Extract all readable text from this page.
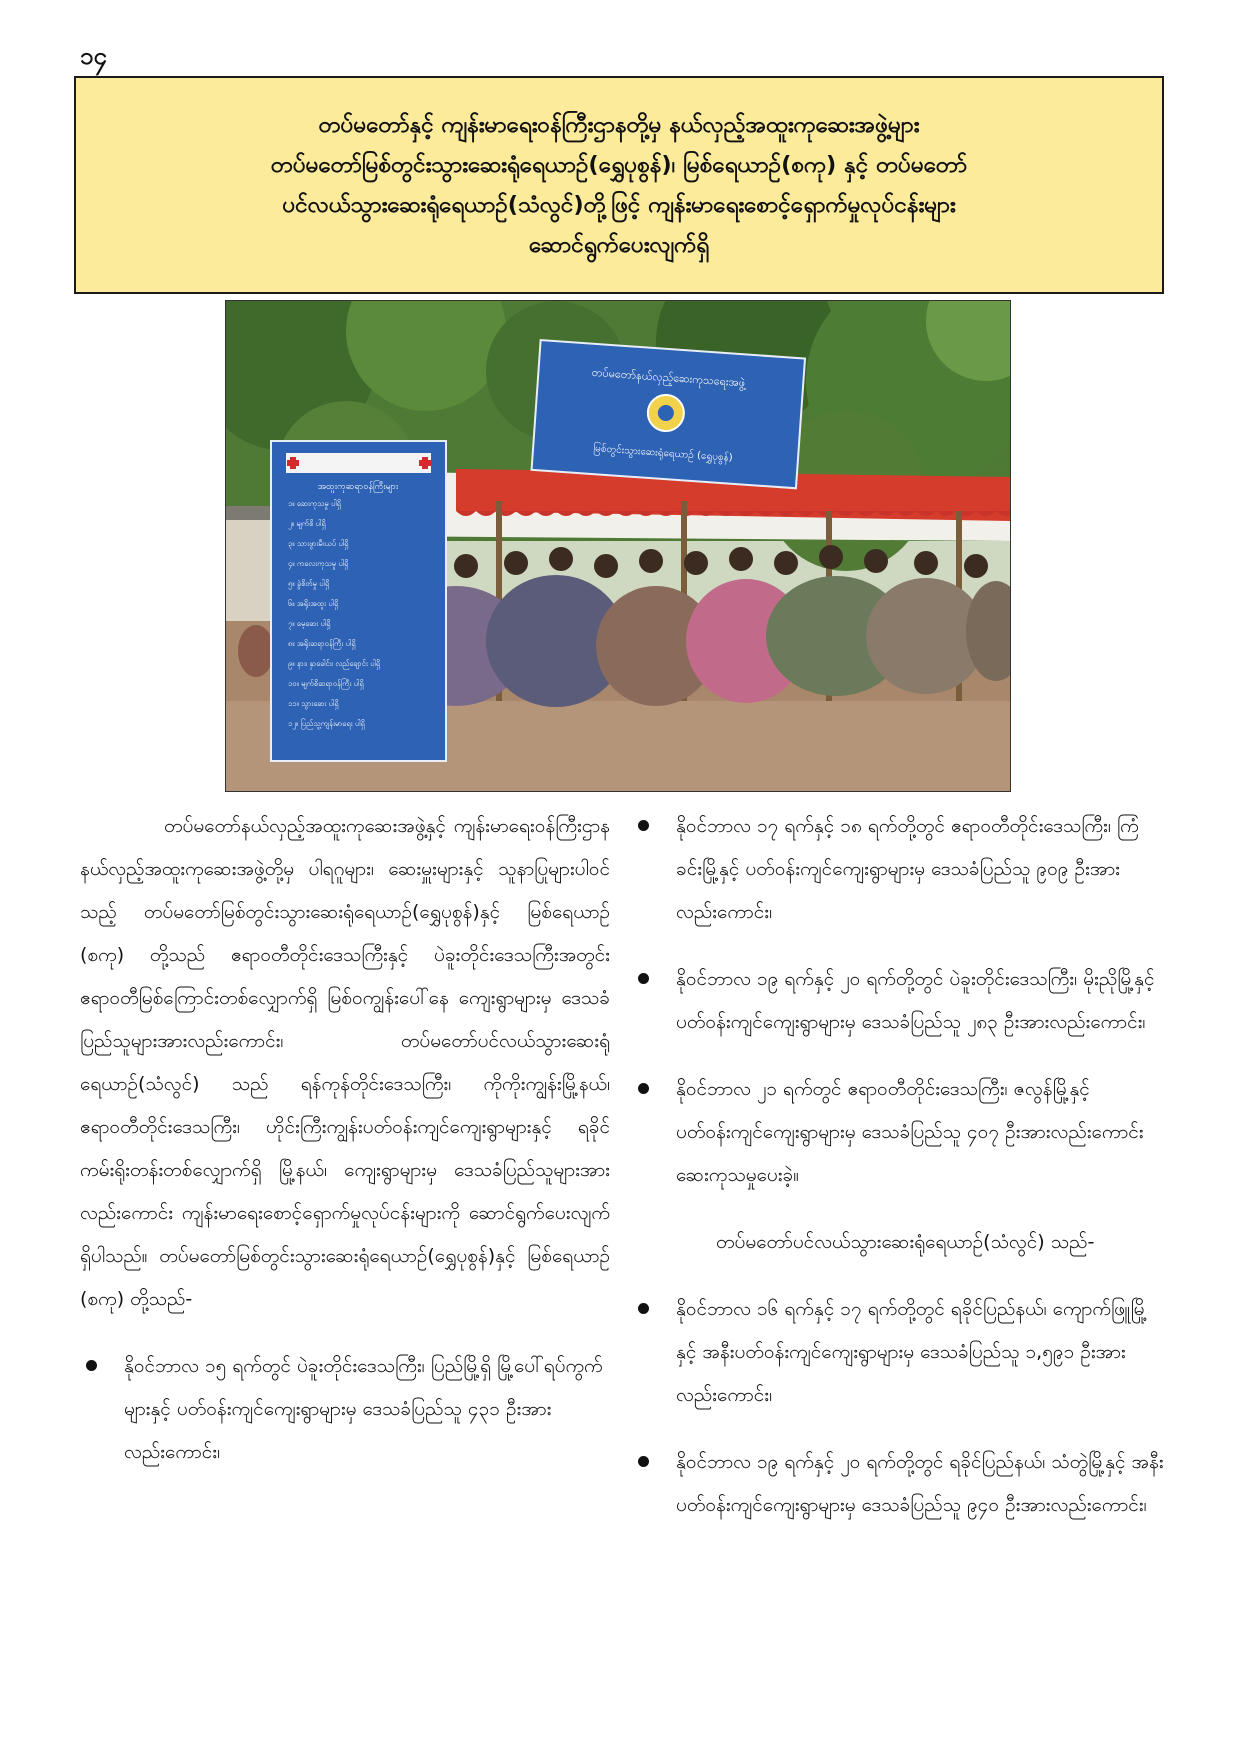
၁၄
တပ်မတော်နှင့် ကျန်းမာရေးဝန်ကြီးဌာနတို့မှ နယ်လှည့်အထူးကုဆေးအဖွဲ့များ
တပ်မတော်မြစ်တွင်းသွားဆေးရုံရေယာဉ်(ရွှေပုစွန်)၊ မြစ်ရေယာဉ်(စကု) နှင့် တပ်မတော်
ပင်လယ်သွားဆေးရုံရေယာဉ်(သံလွင်)တို့ဖြင့် ကျန်းမာရေးစောင့်ရှောက်မှုလုပ်ငန်းများ
ဆောင်ရွက်ပေးလျက်ရှိ
အထူးကုဆရာဝန်ကြီးများ
၁။ ဆေးကုသမှု ပါရှိ
၂။ မျက်စိ ပါရှိ
၃။ သားဖွားမီးယပ် ပါရှိ
၄။ ကလေးကုသမှု ပါရှိ
၅။ ခွဲစိတ်မှု ပါရှိ
၆။ အရိုးအထူး ပါရှိ
၇။ မေ့ဆေး ပါရှိ
၈။ အရိုးဆရာဝန်ကြီး ပါရှိ
၉။ နား၊ နှာခေါင်း၊ လည်ချောင်း ပါရှိ
၁၀။ မျက်စိဆရာဝန်ကြီး ပါရှိ
၁၁။ သွားဆေး ပါရှိ
၁၂။ ပြည်သူ့ကျန်းမာရေး ပါရှိ
တပ်မတော်နယ်လှည့်ဆေးကုသရေးအဖွဲ့
မြစ်တွင်းသွားဆေးရုံရေယာဉ် (ရွှေပုစွန်)

တပ်မတော်နယ်လှည့်အထူးကုဆေးအဖွဲ့နှင့် ကျန်းမာရေးဝန်ကြီးဌာန နယ်လှည့်အထူးကုဆေးအဖွဲ့တို့မှ ပါရဂူများ၊ ဆေးမှူးများနှင့် သူနာပြုများပါဝင်သည့် တပ်မတော်မြစ်တွင်းသွားဆေးရုံရေယာဉ်(ရွှေပုစွန်)နှင့် မြစ်ရေယာဉ် (စကု) တို့သည် ဧရာဝတီတိုင်းဒေသကြီးနှင့် ပဲခူးတိုင်းဒေသကြီးအတွင်း ဧရာဝတီမြစ်ကြောင်းတစ်လျှောက်ရှိ မြစ်ဝကျွန်းပေါ်နေ ကျေးရွာများမှ ဒေသခံပြည်သူများအားလည်းကောင်း၊ တပ်မတော်ပင်လယ်သွားဆေးရုံရေယာဉ်(သံလွင်) သည် ရန်ကုန်တိုင်းဒေသကြီး၊ ကိုကိုးကျွန်းမြို့နယ်၊ ဧရာဝတီတိုင်းဒေသကြီး၊ ဟိုင်းကြီးကျွန်းပတ်ဝန်းကျင်ကျေးရွာများနှင့် ရခိုင်ကမ်းရိုးတန်းတစ်လျှောက်ရှိ မြို့နယ်၊ ကျေးရွာများမှ ဒေသခံပြည်သူများအားလည်းကောင်း ကျန်းမာရေးစောင့်ရှောက်မှုလုပ်ငန်းများကို ဆောင်ရွက်ပေးလျက်ရှိပါသည်။ တပ်မတော်မြစ်တွင်းသွားဆေးရုံရေယာဉ်(ရွှေပုစွန်)နှင့် မြစ်ရေယာဉ် (စကု) တို့သည်-

နိုဝင်ဘာလ ၁၅ ရက်တွင် ပဲခူးတိုင်းဒေသကြီး၊ ပြည်မြို့ရှိ မြို့ပေါ်ရပ်ကွက်များနှင့် ပတ်ဝန်းကျင်ကျေးရွာများမှ ဒေသခံပြည်သူ ၄၃၁ ဦးအားလည်းကောင်း၊
နိုဝင်ဘာလ ၁၇ ရက်နှင့် ၁၈ ရက်တို့တွင် ဧရာဝတီတိုင်းဒေသကြီး၊ ကြံခင်းမြို့နှင့် ပတ်ဝန်းကျင်ကျေးရွာများမှ ဒေသခံပြည်သူ ၉၀၉ ဦးအားလည်းကောင်း၊
နိုဝင်ဘာလ ၁၉ ရက်နှင့် ၂၀ ရက်တို့တွင် ပဲခူးတိုင်းဒေသကြီး၊ မိုးညိုမြို့နှင့် ပတ်ဝန်းကျင်ကျေးရွာများမှ ဒေသခံပြည်သူ ၂၈၃ ဦးအားလည်းကောင်း၊
နိုဝင်ဘာလ ၂၁ ရက်တွင် ဧရာဝတီတိုင်းဒေသကြီး၊ ဇလွန်မြို့နှင့် ပတ်ဝန်းကျင်ကျေးရွာများမှ ဒေသခံပြည်သူ ၄၀၇ ဦးအားလည်းကောင်း ဆေးကုသမှုပေးခဲ့။

တပ်မတော်ပင်လယ်သွားဆေးရုံရေယာဉ်(သံလွင်) သည်-

နိုဝင်ဘာလ ၁၆ ရက်နှင့် ၁၇ ရက်တို့တွင် ရခိုင်ပြည်နယ်၊ ကျောက်ဖြူမြို့နှင့် အနီးပတ်ဝန်းကျင်ကျေးရွာများမှ ဒေသခံပြည်သူ ၁,၅၉၁ ဦးအားလည်းကောင်း၊
နိုဝင်ဘာလ ၁၉ ရက်နှင့် ၂၀ ရက်တို့တွင် ရခိုင်ပြည်နယ်၊ သံတွဲမြို့နှင့် အနီးပတ်ဝန်းကျင်ကျေးရွာများမှ ဒေသခံပြည်သူ ၉၄၀ ဦးအားလည်းကောင်း၊
